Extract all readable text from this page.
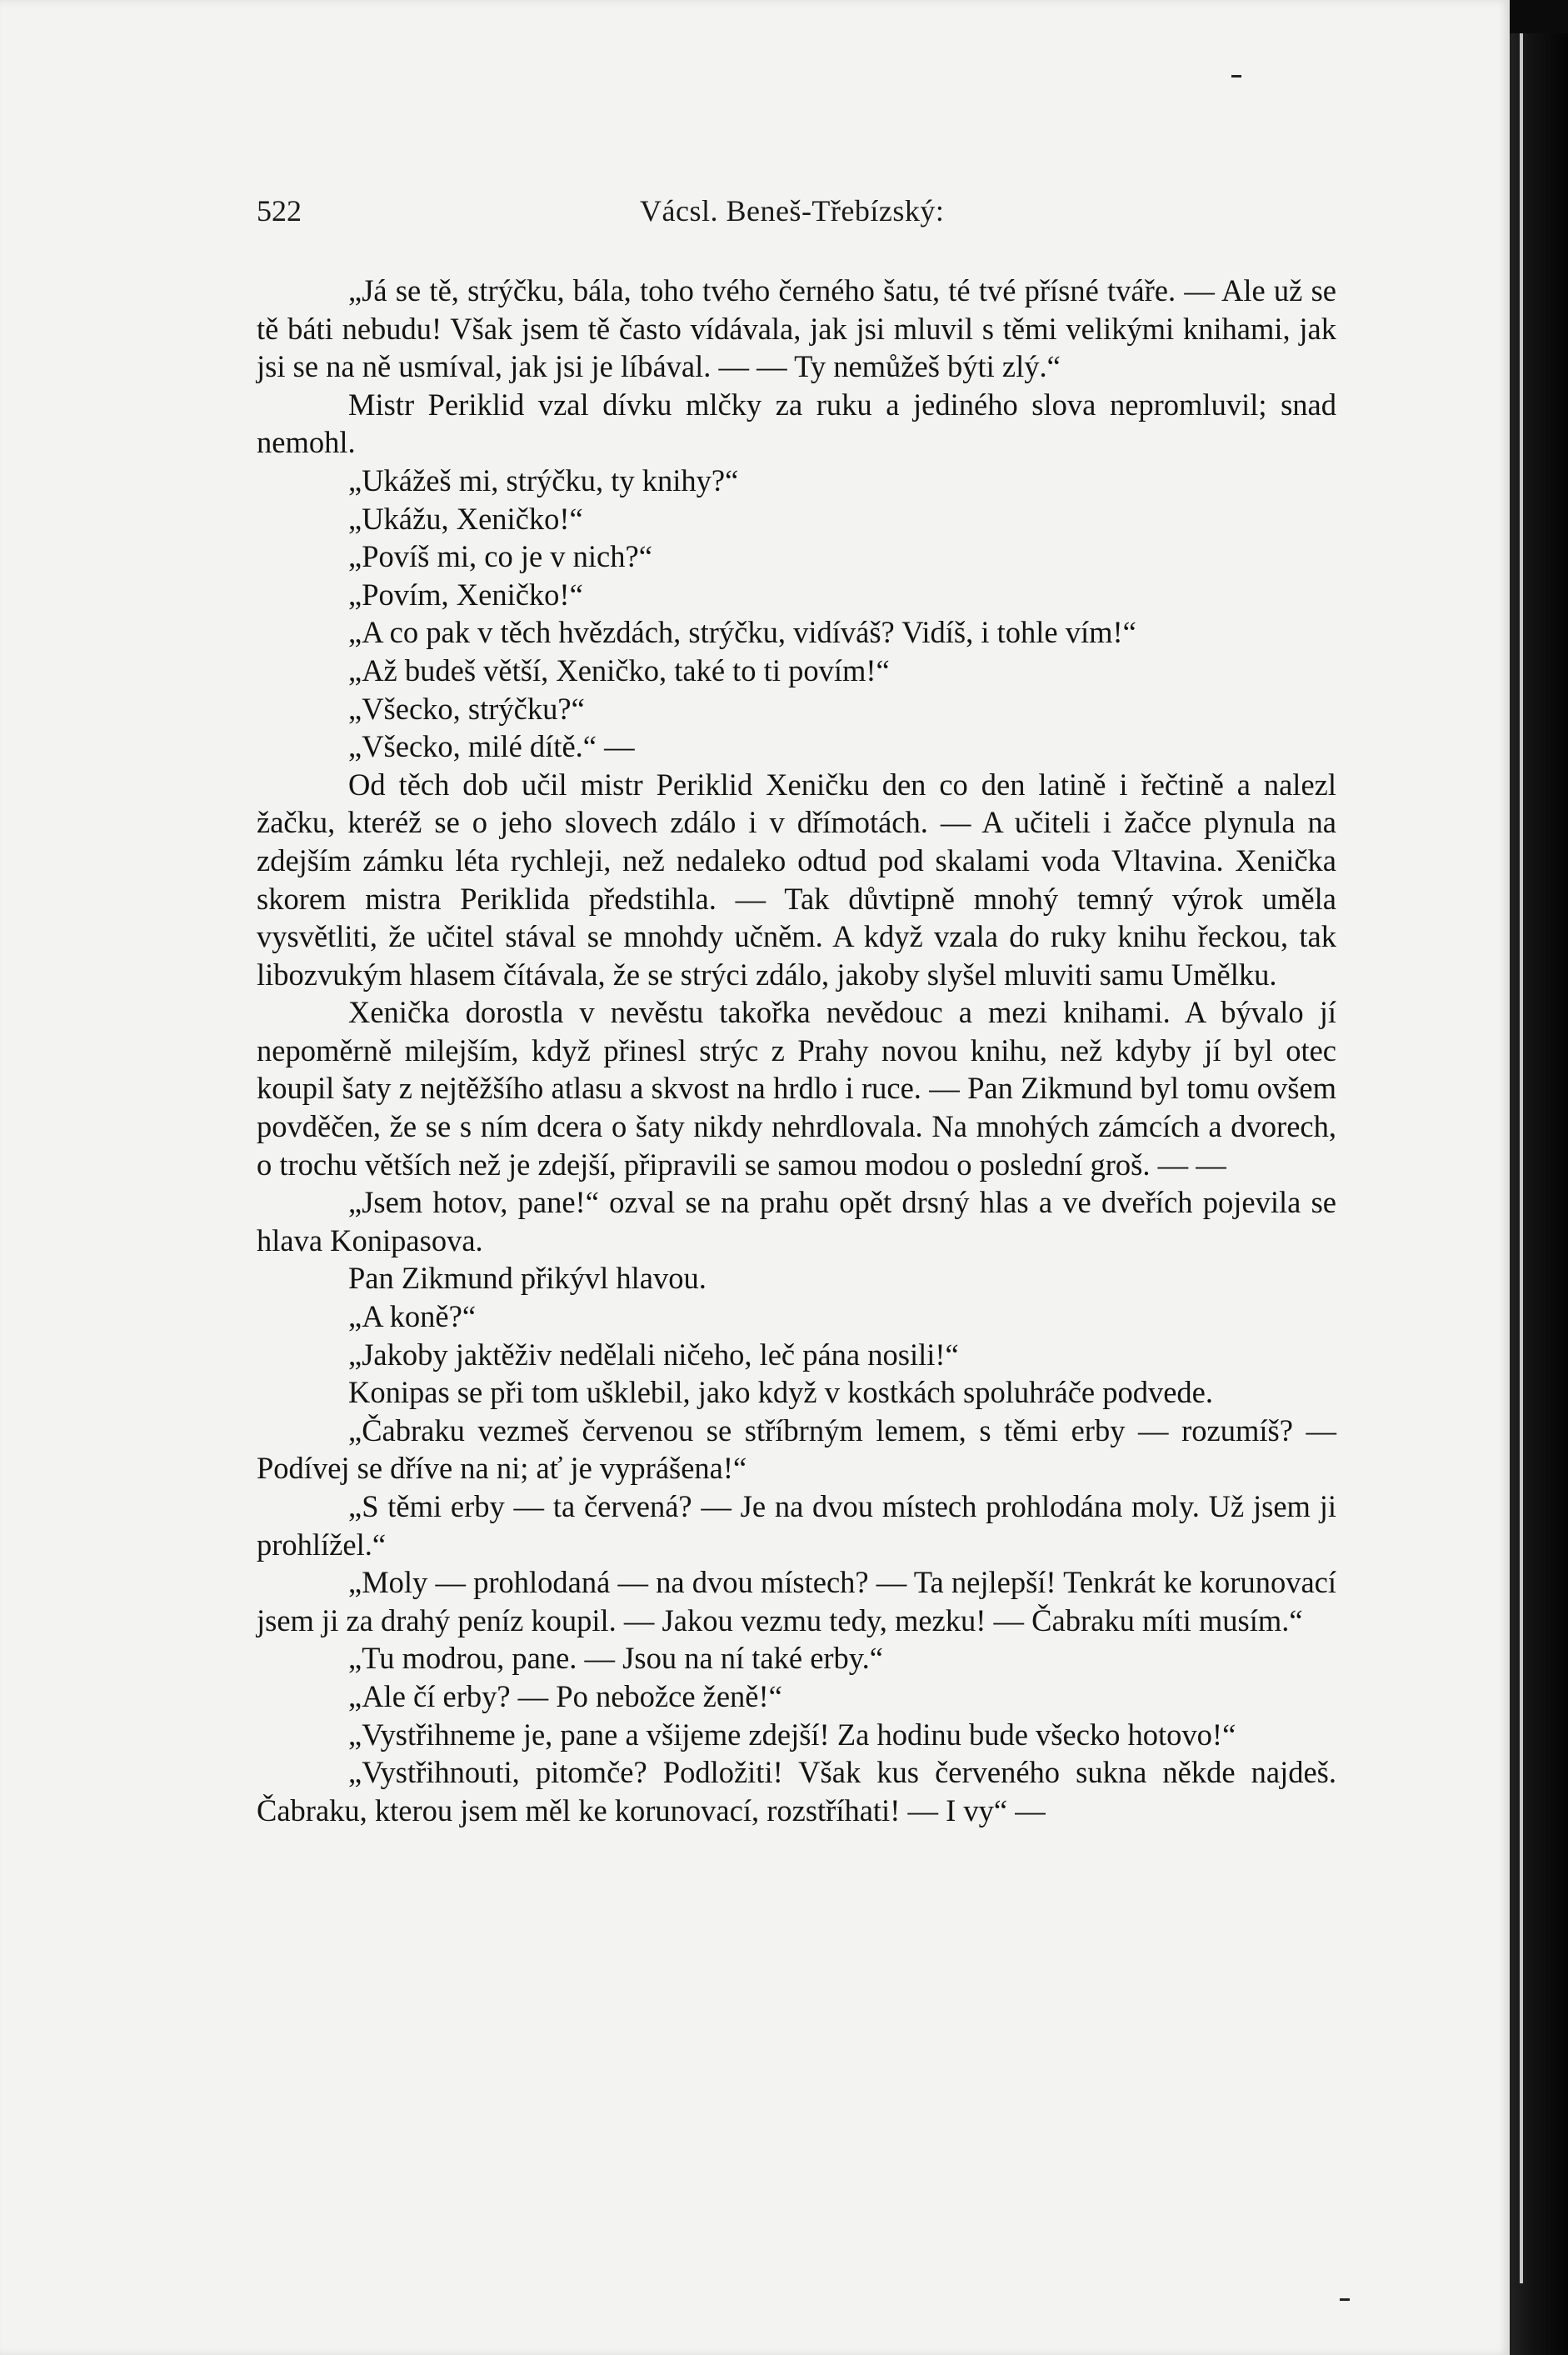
522	Vácsl. Beneš-Třebízský:

„Já se tě, strýčku, bála, toho tvého černého šatu, té tvé přísné tváře. — Ale už se tě báti nebudu! Však jsem tě často vídávala, jak jsi mluvil s těmi velikými knihami, jak jsi se na ně usmíval, jak jsi je líbával. — — Ty nemůžeš býti zlý.“

Mistr Periklid vzal dívku mlčky za ruku a jediného slova nepromluvil; snad nemohl.

„Ukážeš mi, strýčku, ty knihy?“

„Ukážu, Xeničko!“

„Povíš mi, co je v nich?“

„Povím, Xeničko!“

„A co pak v těch hvězdách, strýčku, vidíváš? Vidíš, i tohle vím!“

„Až budeš větší, Xeničko, také to ti povím!“

„Všecko, strýčku?“

„Všecko, milé dítě.“ —

Od těch dob učil mistr Periklid Xeničku den co den latině i řečtině a nalezl žačku, kteréž se o jeho slovech zdálo i v dřímotách. — A učiteli i žačce plynula na zdejším zámku léta rychleji, než nedaleko odtud pod skalami voda Vltavina. Xenička skorem mistra Periklida předstihla. — Tak důvtipně mnohý temný výrok uměla vysvětliti, že učitel stával se mnohdy učněm. A když vzala do ruky knihu řeckou, tak libozvukým hlasem čítávala, že se strýci zdálo, jakoby slyšel mluviti samu Umělku.

Xenička dorostla v nevěstu takořka nevědouc a mezi knihami. A bývalo jí nepoměrně milejším, když přinesl strýc z Prahy novou knihu, než kdyby jí byl otec koupil šaty z nejtěžšího atlasu a skvost na hrdlo i ruce. — Pan Zikmund byl tomu ovšem povděčen, že se s ním dcera o šaty nikdy nehrdlovala. Na mnohých zámcích a dvorech, o trochu větších než je zdejší, připravili se samou modou o poslední groš. — —

„Jsem hotov, pane!“ ozval se na prahu opět drsný hlas a ve dveřích pojevila se hlava Konipasova.

Pan Zikmund přikývl hlavou.

„A koně?“

„Jakoby jaktěživ nedělali ničeho, leč pána nosili!“

Konipas se při tom ušklebil, jako když v kostkách spoluhráče podvede.

„Čabraku vezmeš červenou se stříbrným lemem, s těmi erby — rozumíš? — Podívej se dříve na ni; ať je vyprášena!“

„S těmi erby — ta červená? — Je na dvou místech prohlodána moly. Už jsem ji prohlížel.“

„Moly — prohlodaná — na dvou místech? — Ta nejlepší! Tenkrát ke korunovací jsem ji za drahý peníz koupil. — Jakou vezmu tedy, mezku! — Čabraku míti musím.“

„Tu modrou, pane. — Jsou na ní také erby.“

„Ale čí erby? — Po nebožce ženě!“

„Vystřihneme je, pane a všijeme zdejší! Za hodinu bude všecko hotovo!“

„Vystřihnouti, pitomče? Podložiti! Však kus červeného sukna někde najdeš. Čabraku, kterou jsem měl ke korunovací, rozstříhati! — I vy“ —
